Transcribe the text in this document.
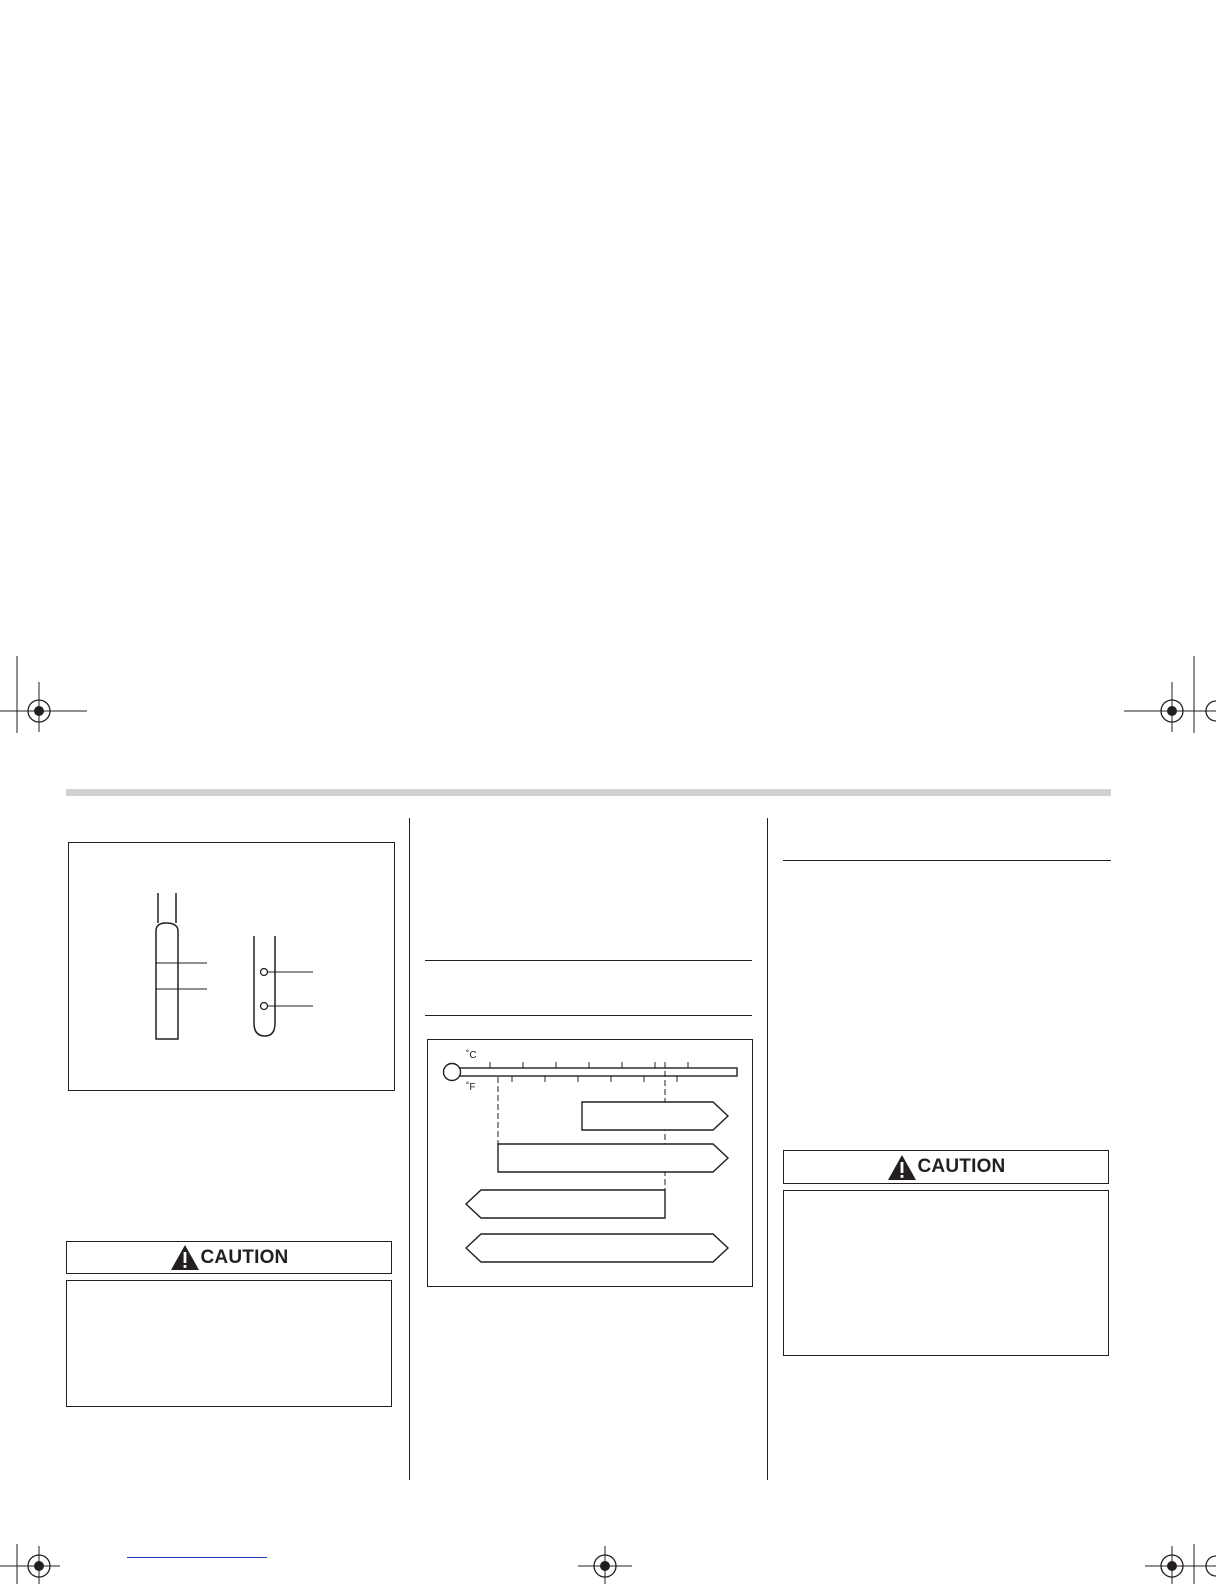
CAUTION
˚C
˚F
CAUTION
